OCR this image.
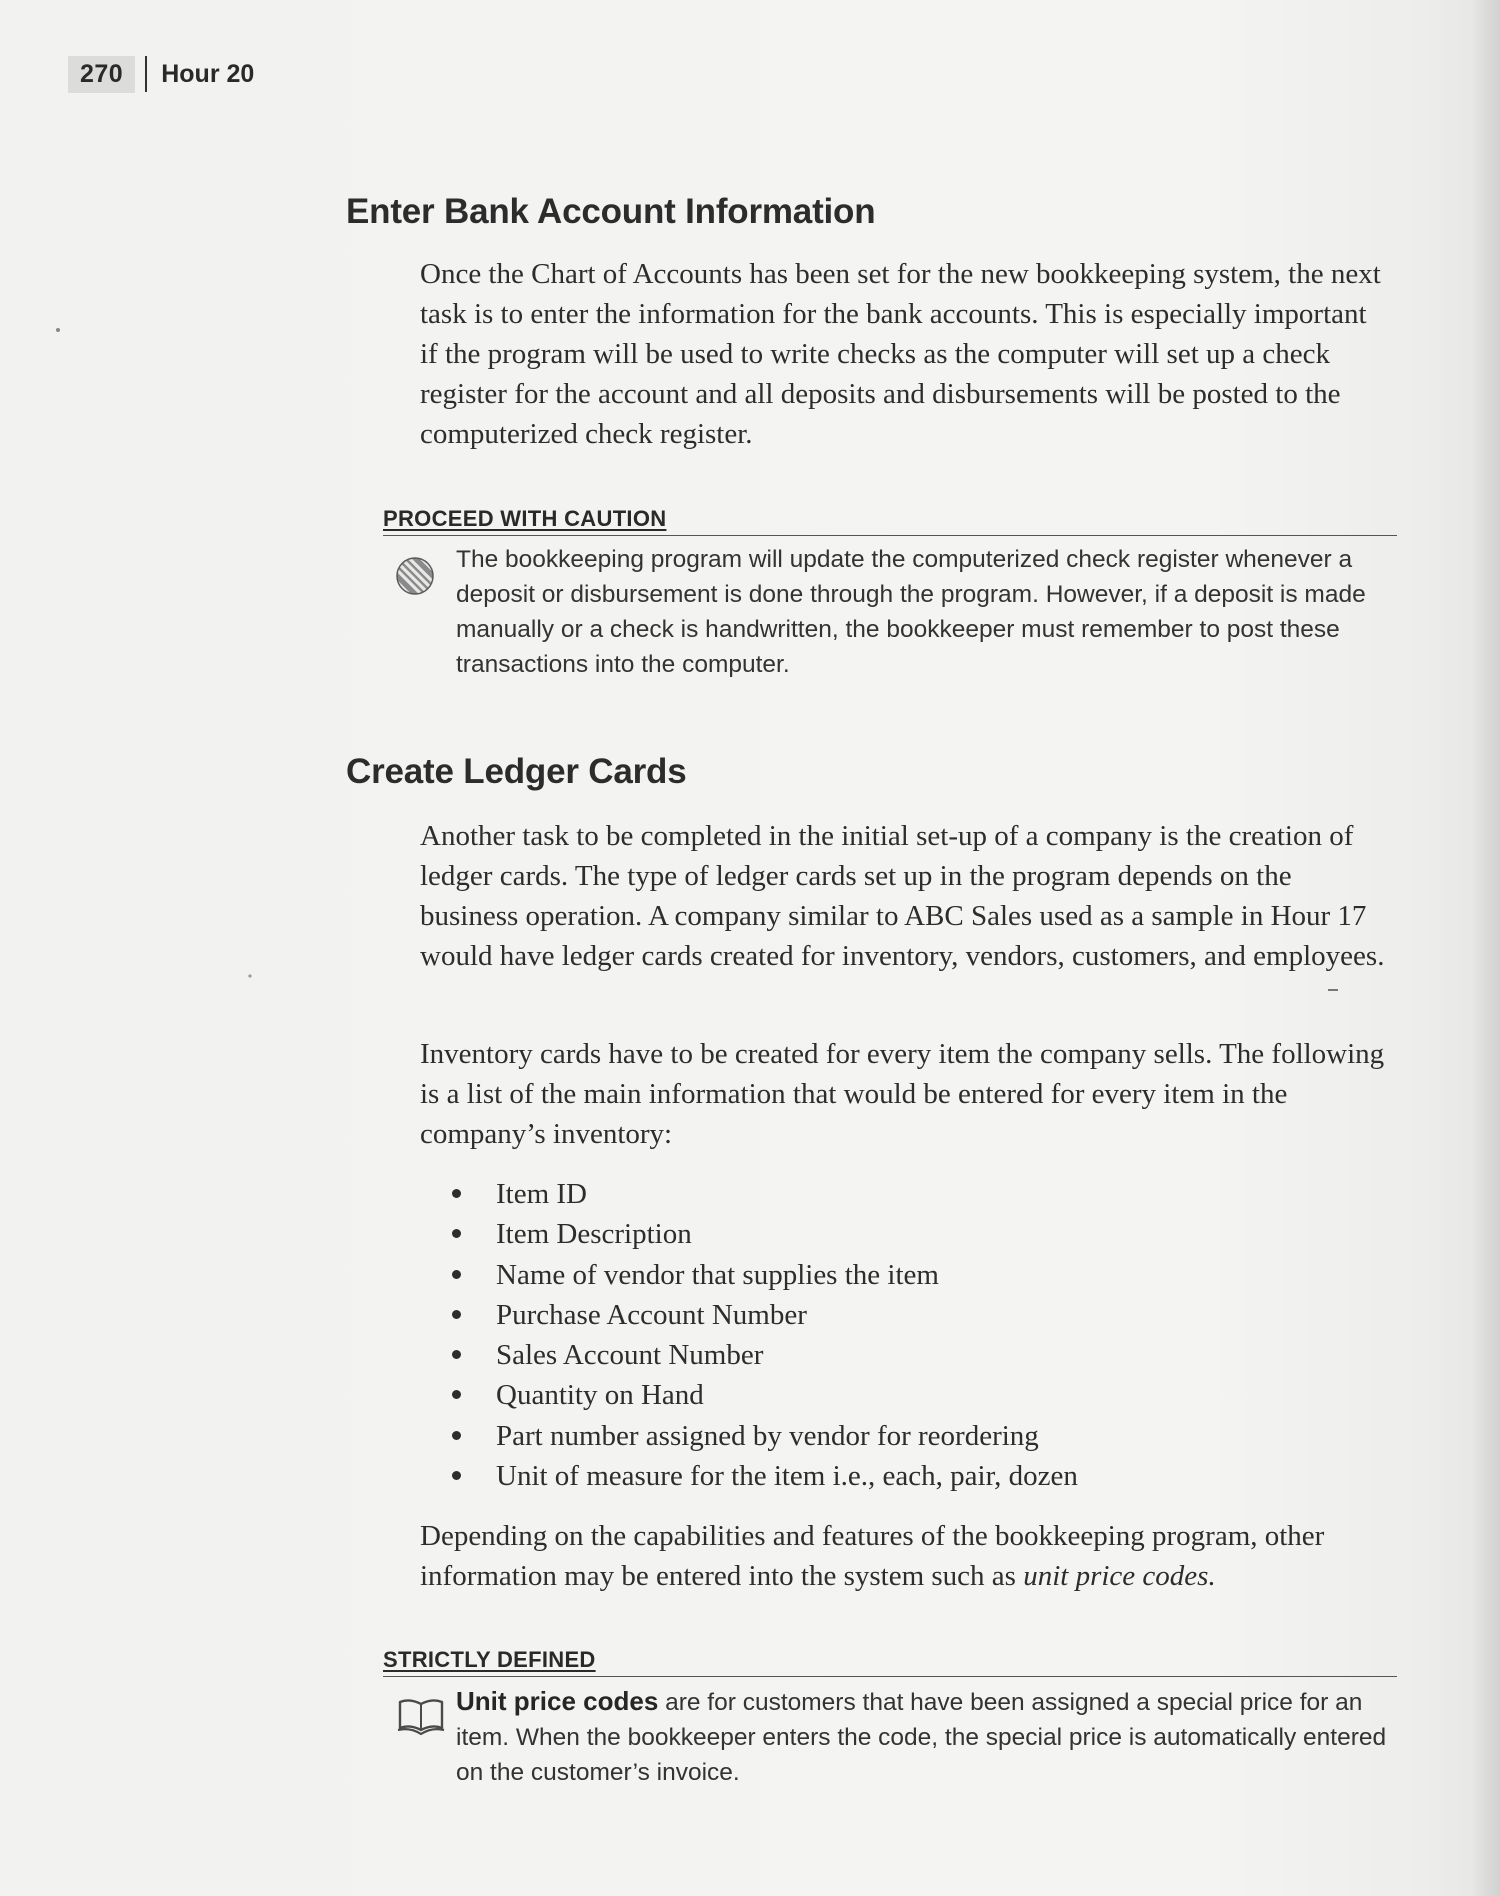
270	Hour 20
Enter Bank Account Information

Once the Chart of Accounts has been set for the new bookkeeping system, the next task is to enter the information for the bank accounts. This is especially important if the program will be used to write checks as the computer will set up a check register for the account and all deposits and disbursements will be posted to the computerized check register.

PROCEED WITH CAUTION

The bookkeeping program will update the computerized check register whenever a deposit or disbursement is done through the program. However, if a deposit is made manually or a check is handwritten, the bookkeeper must remember to post these transactions into the computer.

Create Ledger Cards

Another task to be completed in the initial set-up of a company is the creation of ledger cards. The type of ledger cards set up in the program depends on the business operation. A company similar to ABC Sales used as a sample in Hour 17 would have ledger cards created for inventory, vendors, customers, and employees.

Inventory cards have to be created for every item the company sells. The following is a list of the main information that would be entered for every item in the company’s inventory:

Item ID
Item Description
Name of vendor that supplies the item
Purchase Account Number
Sales Account Number
Quantity on Hand
Part number assigned by vendor for reordering
Unit of measure for the item i.e., each, pair, dozen

Depending on the capabilities and features of the bookkeeping program, other information may be entered into the system such as unit price codes.

STRICTLY DEFINED

Unit price codes are for customers that have been assigned a special price for an item. When the bookkeeper enters the code, the special price is automatically entered on the customer’s invoice.
